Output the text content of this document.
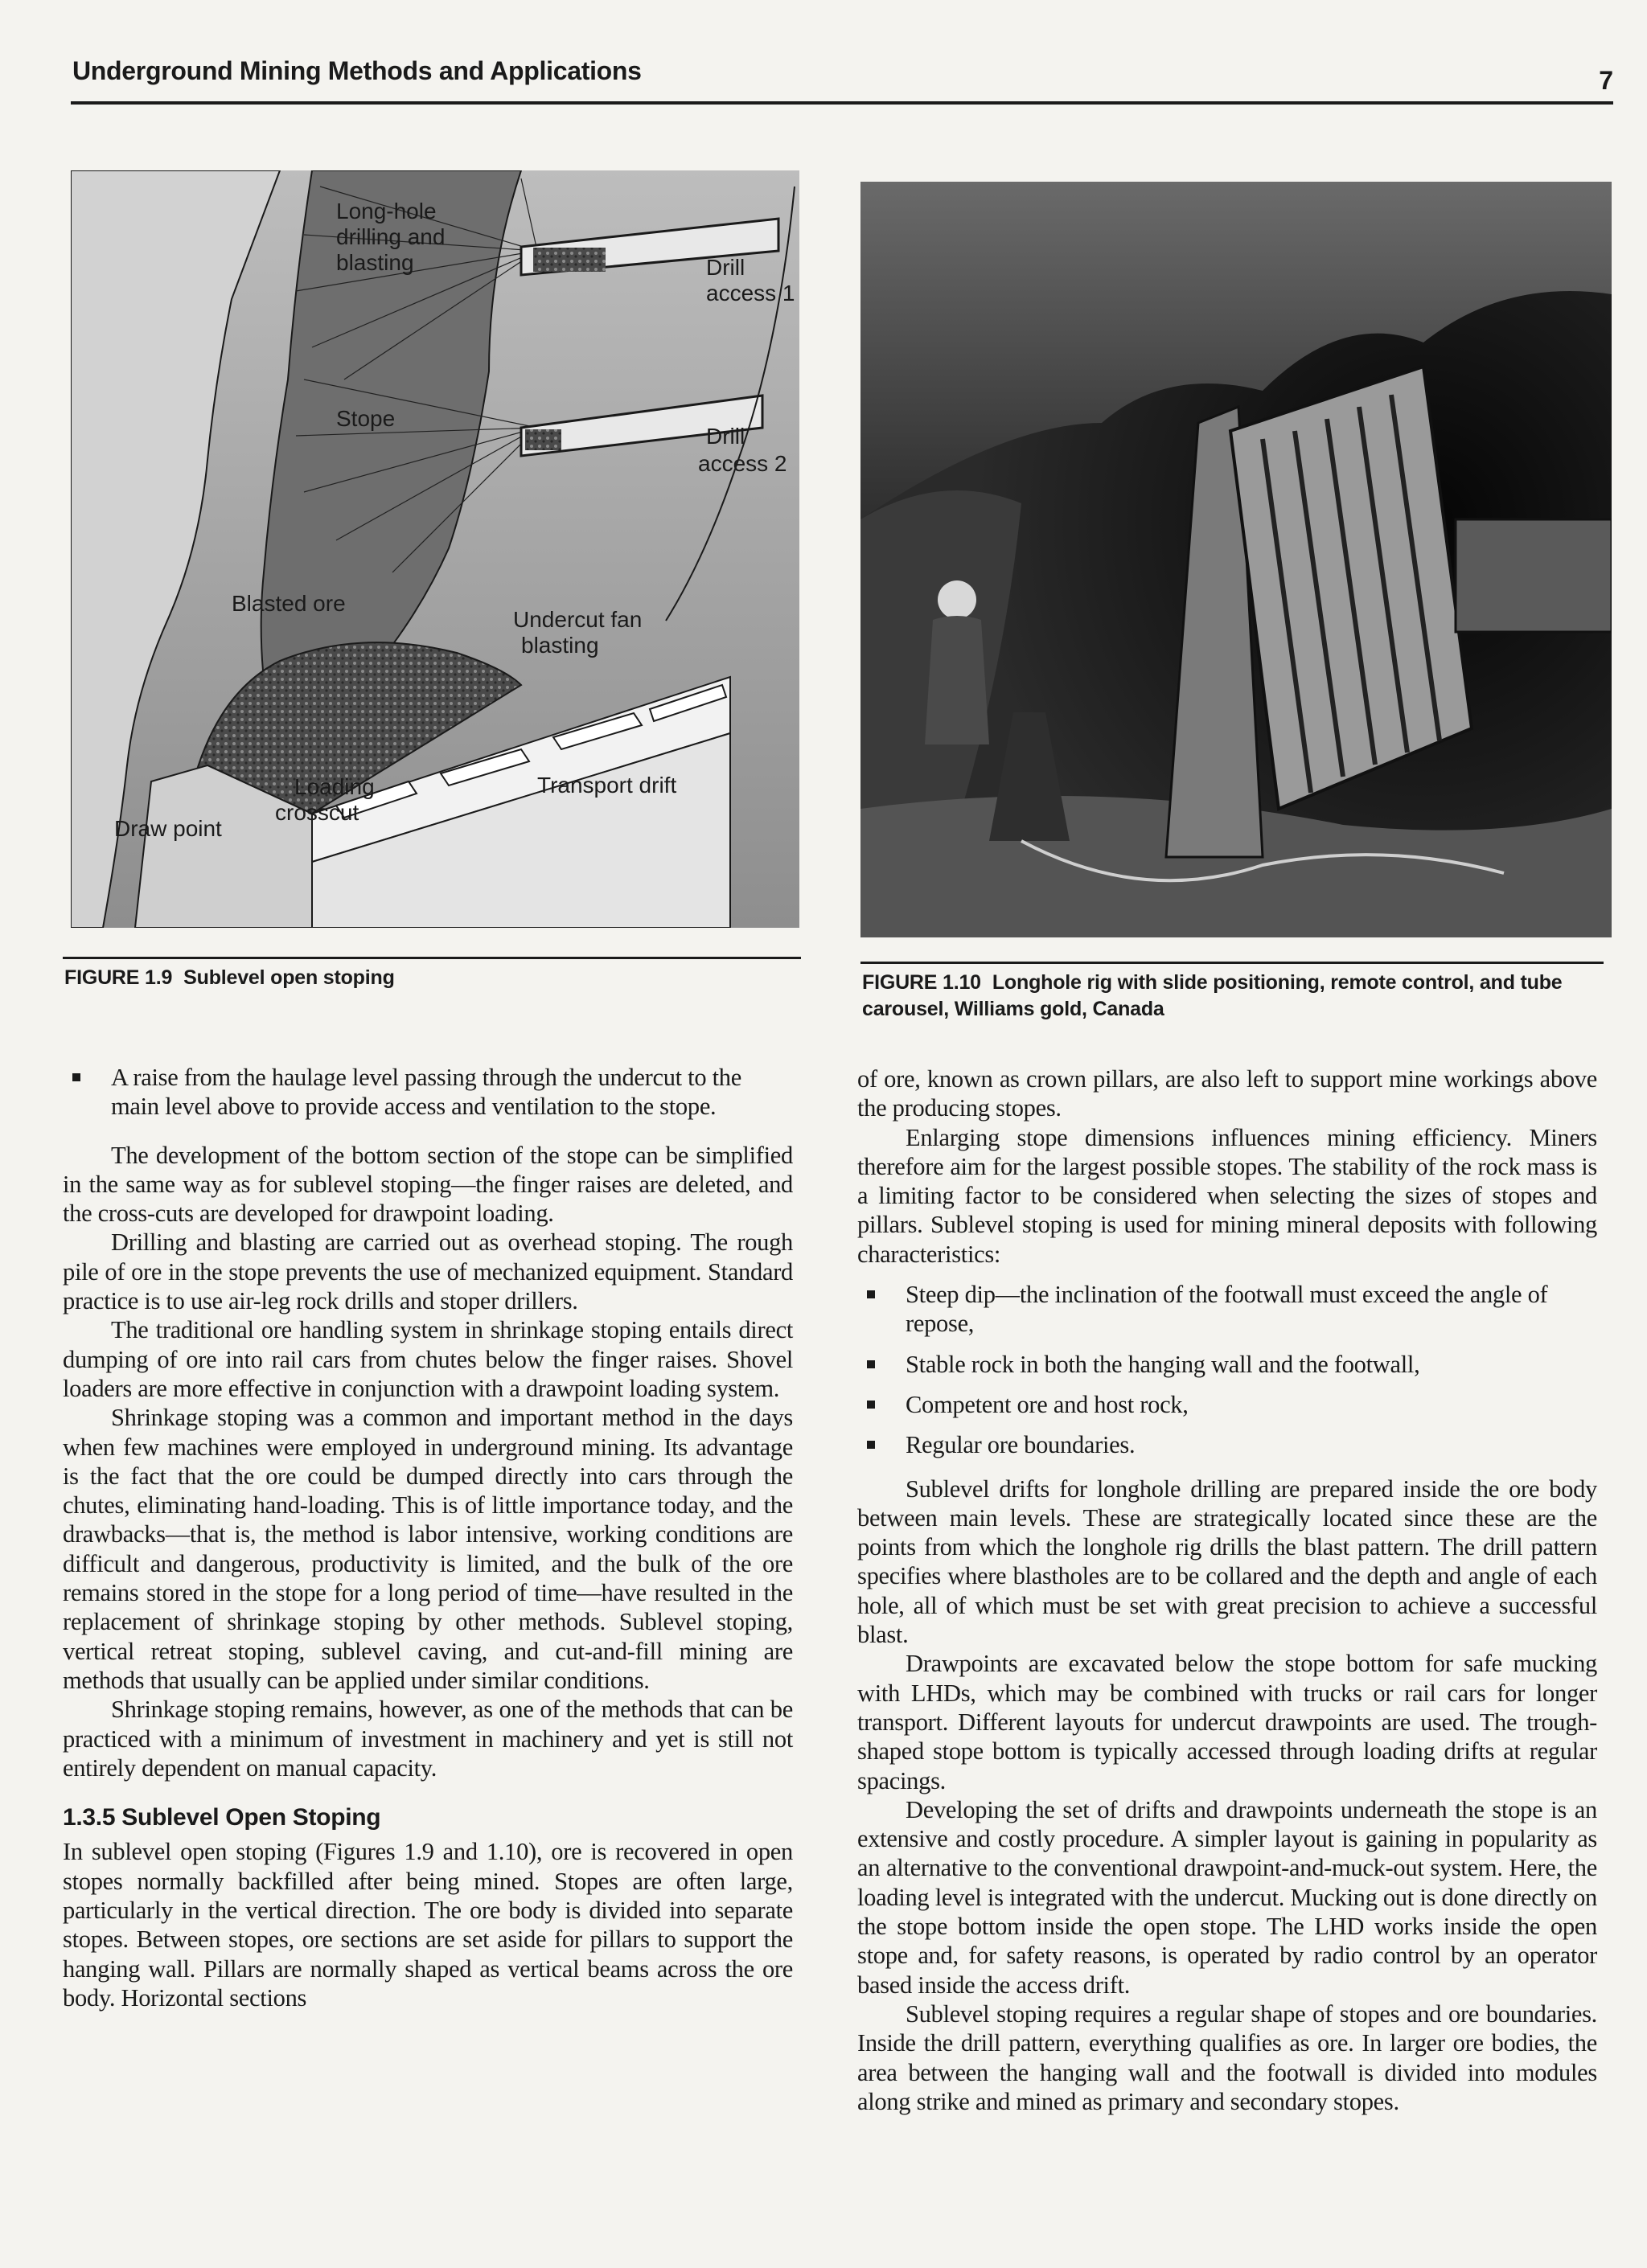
Underground Mining Methods and Applications	7
Long-hole
drilling and
blasting	Drill
access 1
Stope
Drill
access 2
Blasted ore
Undercut fan
blasting
Loading
crosscut
Transport drift
Draw point
FIGURE 1.9 Sublevel open stoping	FIGURE 1.10 Longhole rig with slide positioning, remote control, and tube carousel, Williams gold, Canada
A raise from the haulage level passing through the undercut to the main level above to provide access and ventilation to the stope.

The development of the bottom section of the stope can be simplified in the same way as for sublevel stoping—the finger raises are deleted, and the cross-cuts are developed for drawpoint loading.

Drilling and blasting are carried out as overhead stoping. The rough pile of ore in the stope prevents the use of mechanized equipment. Standard practice is to use air-leg rock drills and stoper drillers.

The traditional ore handling system in shrinkage stoping entails direct dumping of ore into rail cars from chutes below the finger raises. Shovel loaders are more effective in conjunction with a drawpoint loading system.

Shrinkage stoping was a common and important method in the days when few machines were employed in underground mining. Its advantage is the fact that the ore could be dumped directly into cars through the chutes, eliminating hand-loading. This is of little importance today, and the drawbacks—that is, the method is labor intensive, working conditions are difficult and dangerous, productivity is limited, and the bulk of the ore remains stored in the stope for a long period of time—have resulted in the replacement of shrinkage stoping by other methods. Sublevel stoping, vertical retreat stoping, sublevel caving, and cut-and-fill mining are methods that usually can be applied under similar conditions.

Shrinkage stoping remains, however, as one of the methods that can be practiced with a minimum of investment in machinery and yet is still not entirely dependent on manual capacity.

1.3.5 Sublevel Open Stoping

In sublevel open stoping (Figures 1.9 and 1.10), ore is recovered in open stopes normally backfilled after being mined. Stopes are often large, particularly in the vertical direction. The ore body is divided into separate stopes. Between stopes, ore sections are set aside for pillars to support the hanging wall. Pillars are normally shaped as vertical beams across the ore body. Horizontal sections

of ore, known as crown pillars, are also left to support mine workings above the producing stopes.

Enlarging stope dimensions influences mining efficiency. Miners therefore aim for the largest possible stopes. The stability of the rock mass is a limiting factor to be considered when selecting the sizes of stopes and pillars. Sublevel stoping is used for mining mineral deposits with following characteristics:

Steep dip—the inclination of the footwall must exceed the angle of repose,
Stable rock in both the hanging wall and the footwall,
Competent ore and host rock,
Regular ore boundaries.

Sublevel drifts for longhole drilling are prepared inside the ore body between main levels. These are strategically located since these are the points from which the longhole rig drills the blast pattern. The drill pattern specifies where blastholes are to be collared and the depth and angle of each hole, all of which must be set with great precision to achieve a successful blast.

Drawpoints are excavated below the stope bottom for safe mucking with LHDs, which may be combined with trucks or rail cars for longer transport. Different layouts for undercut drawpoints are used. The trough-shaped stope bottom is typically accessed through loading drifts at regular spacings.

Developing the set of drifts and drawpoints underneath the stope is an extensive and costly procedure. A simpler layout is gaining in popularity as an alternative to the conventional drawpoint-and-muck-out system. Here, the loading level is integrated with the undercut. Mucking out is done directly on the stope bottom inside the open stope. The LHD works inside the open stope and, for safety reasons, is operated by radio control by an operator based inside the access drift.

Sublevel stoping requires a regular shape of stopes and ore boundaries. Inside the drill pattern, everything qualifies as ore. In larger ore bodies, the area between the hanging wall and the footwall is divided into modules along strike and mined as primary and secondary stopes.
